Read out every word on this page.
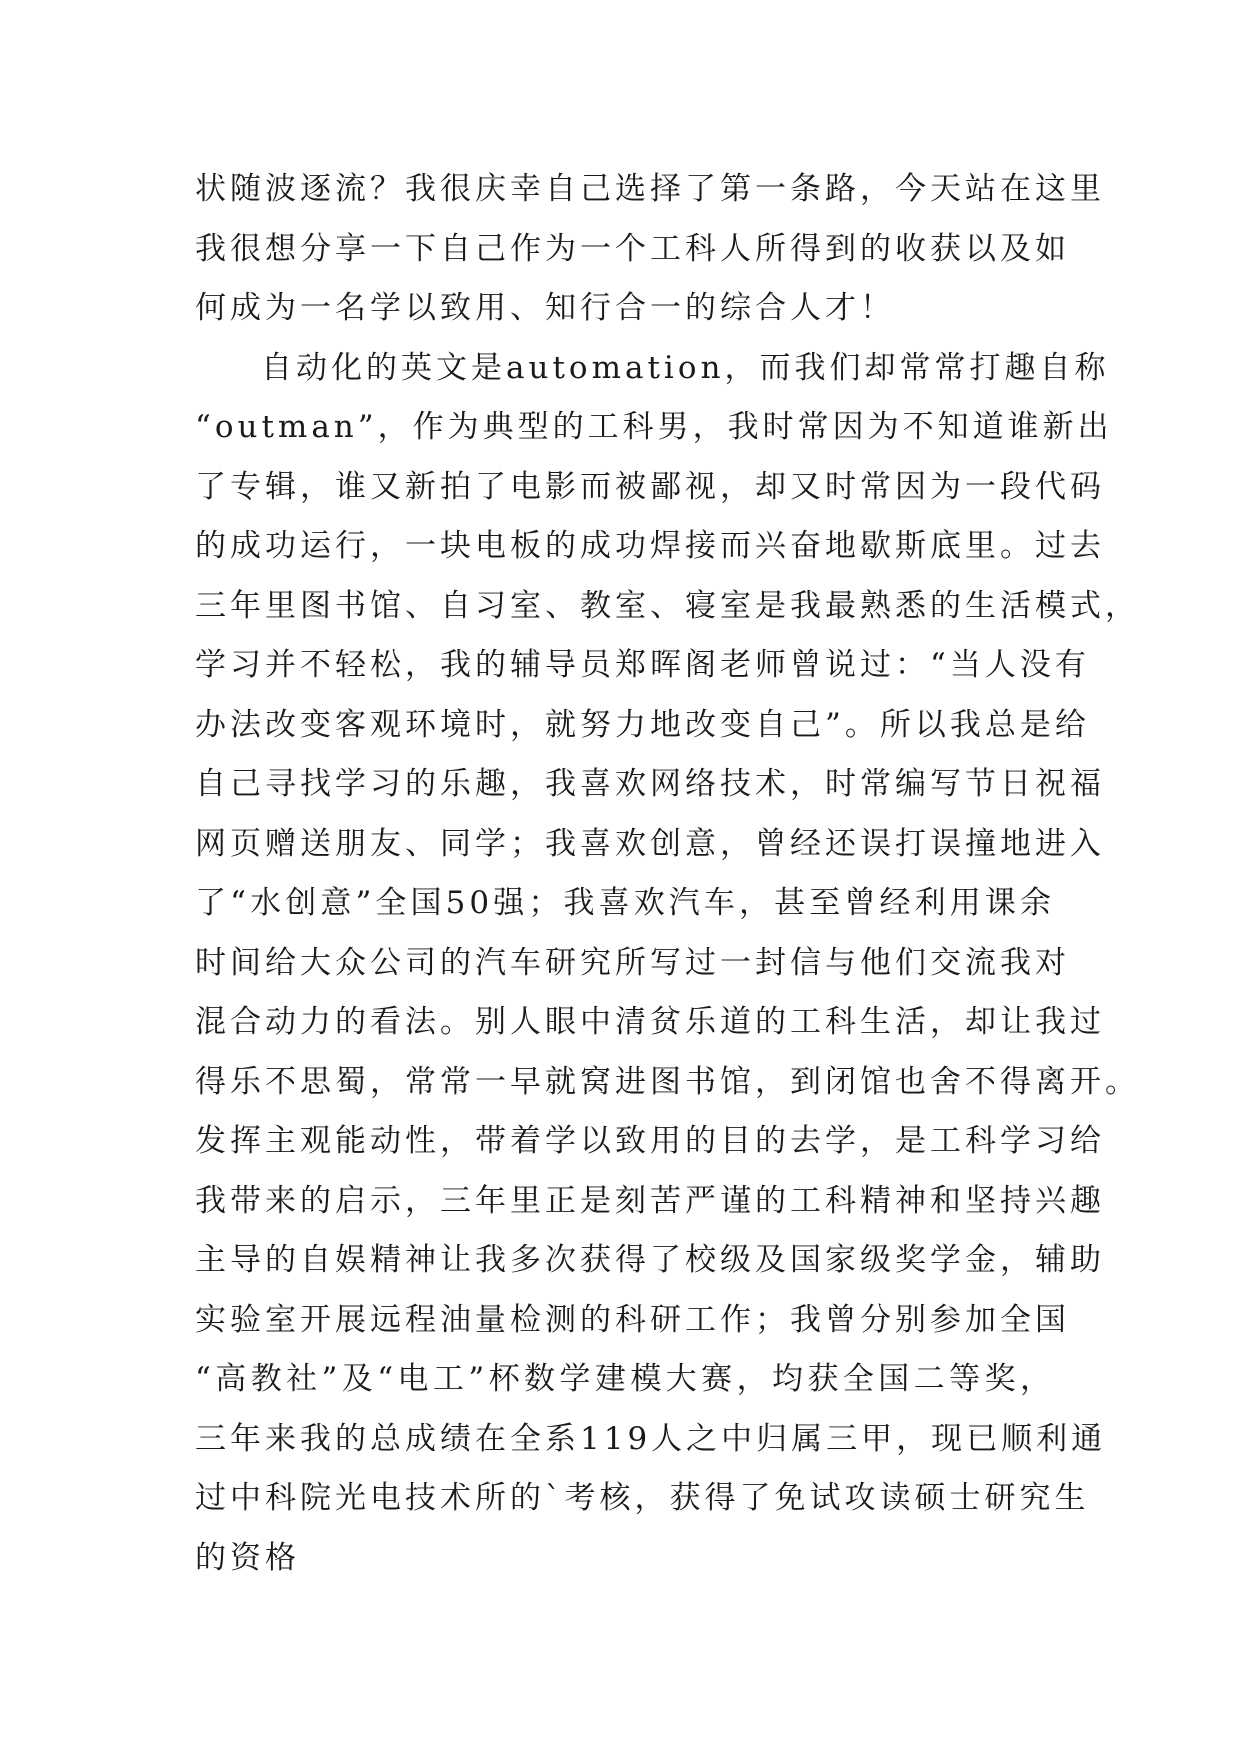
状随波逐流？我很庆幸自己选择了第一条路，今天站在这里
我很想分享一下自己作为一个工科人所得到的收获以及如
何成为一名学以致用、知行合一的综合人才！
自动化的英文是automation，而我们却常常打趣自称
“outman”，作为典型的工科男，我时常因为不知道谁新出
了专辑，谁又新拍了电影而被鄙视，却又时常因为一段代码
的成功运行，一块电板的成功焊接而兴奋地歇斯底里。过去
三年里图书馆、自习室、教室、寝室是我最熟悉的生活模式，
学习并不轻松，我的辅导员郑晖阁老师曾说过：“当人没有
办法改变客观环境时，就努力地改变自己”。所以我总是给
自己寻找学习的乐趣，我喜欢网络技术，时常编写节日祝福
网页赠送朋友、同学；我喜欢创意，曾经还误打误撞地进入
了“水创意”全国50强；我喜欢汽车，甚至曾经利用课余
时间给大众公司的汽车研究所写过一封信与他们交流我对
混合动力的看法。别人眼中清贫乐道的工科生活，却让我过
得乐不思蜀，常常一早就窝进图书馆，到闭馆也舍不得离开。
发挥主观能动性，带着学以致用的目的去学，是工科学习给
我带来的启示，三年里正是刻苦严谨的工科精神和坚持兴趣
主导的自娱精神让我多次获得了校级及国家级奖学金，辅助
实验室开展远程油量检测的科研工作；我曾分别参加全国
“高教社”及“电工”杯数学建模大赛，均获全国二等奖，
三年来我的总成绩在全系119人之中归属三甲，现已顺利通
过中科院光电技术所的`考核，获得了免试攻读硕士研究生
的资格
